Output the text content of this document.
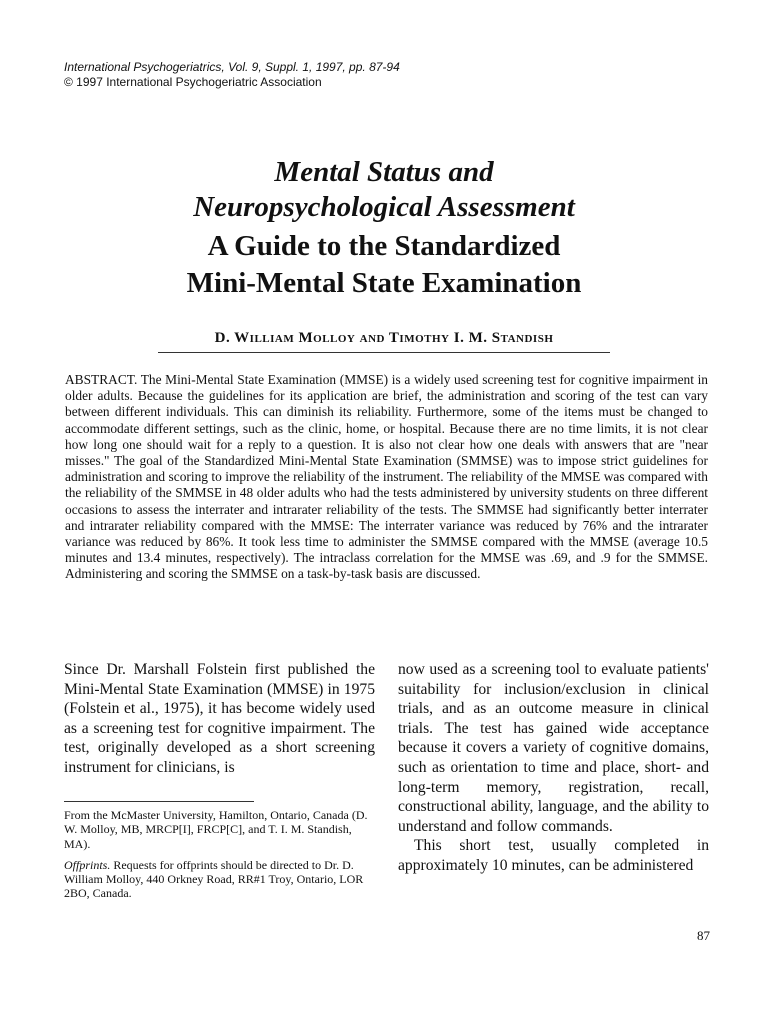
International Psychogeriatrics, Vol. 9, Suppl. 1, 1997, pp. 87-94
© 1997 International Psychogeriatric Association
Mental Status and
Neuropsychological Assessment
A Guide to the Standardized
Mini-Mental State Examination
D. William Molloy and Timothy I. M. Standish
ABSTRACT. The Mini-Mental State Examination (MMSE) is a widely used screening test for cognitive impairment in older adults. Because the guidelines for its application are brief, the administration and scoring of the test can vary between different individuals. This can diminish its reliability. Furthermore, some of the items must be changed to accommodate different settings, such as the clinic, home, or hospital. Because there are no time limits, it is not clear how long one should wait for a reply to a question. It is also not clear how one deals with answers that are "near misses." The goal of the Standardized Mini-Mental State Examination (SMMSE) was to impose strict guidelines for administration and scoring to improve the reliability of the instrument. The reliability of the MMSE was compared with the reliability of the SMMSE in 48 older adults who had the tests administered by university students on three different occasions to assess the interrater and intrarater reliability of the tests. The SMMSE had significantly better interrater and intrarater reliability compared with the MMSE: The interrater variance was reduced by 76% and the intrarater variance was reduced by 86%. It took less time to administer the SMMSE compared with the MMSE (average 10.5 minutes and 13.4 minutes, respectively). The intraclass correlation for the MMSE was .69, and .9 for the SMMSE. Administering and scoring the SMMSE on a task-by-task basis are discussed.

Since Dr. Marshall Folstein first published the Mini-Mental State Examination (MMSE) in 1975 (Folstein et al., 1975), it has become widely used as a screening test for cognitive impairment. The test, originally developed as a short screening instrument for clinicians, is

From the McMaster University, Hamilton, Ontario, Canada (D. W. Molloy, MB, MRCP[I], FRCP[C], and T. I. M. Standish, MA).

Offprints. Requests for offprints should be directed to Dr. D. William Molloy, 440 Orkney Road, RR#1 Troy, Ontario, LOR 2BO, Canada.

now used as a screening tool to evaluate patients' suitability for inclusion/exclusion in clinical trials, and as an outcome measure in clinical trials. The test has gained wide acceptance because it covers a variety of cognitive domains, such as orientation to time and place, short- and long-term memory, registration, recall, constructional ability, language, and the ability to understand and follow commands.

This short test, usually completed in approximately 10 minutes, can be administered

87
